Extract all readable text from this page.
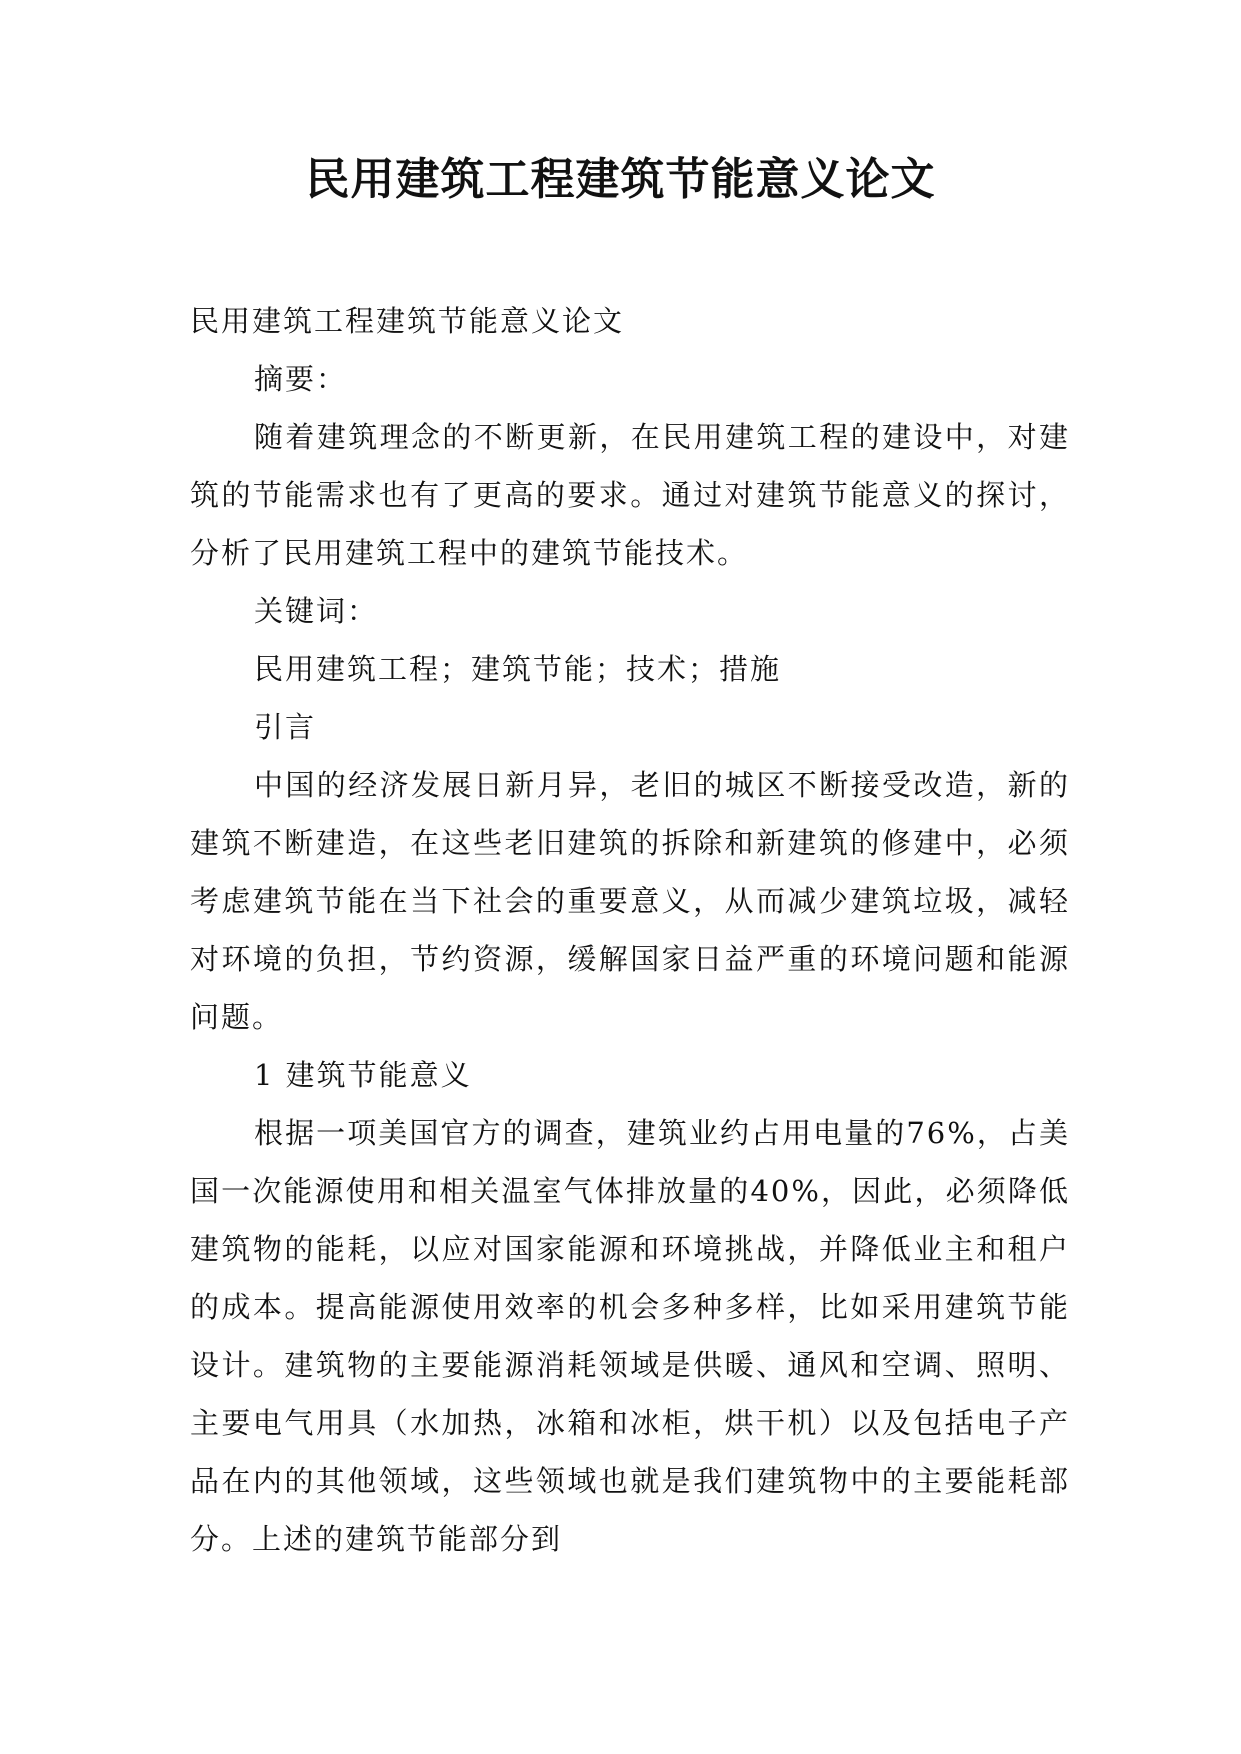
民用建筑工程建筑节能意义论文

民用建筑工程建筑节能意义论文

摘要：

随着建筑理念的不断更新，在民用建筑工程的建设中，对建筑的节能需求也有了更高的要求。通过对建筑节能意义的探讨，分析了民用建筑工程中的建筑节能技术。

关键词：

民用建筑工程；建筑节能；技术；措施

引言

中国的经济发展日新月异，老旧的城区不断接受改造，新的建筑不断建造，在这些老旧建筑的拆除和新建筑的修建中，必须考虑建筑节能在当下社会的重要意义，从而减少建筑垃圾，减轻对环境的负担，节约资源，缓解国家日益严重的环境问题和能源问题。

1 建筑节能意义

根据一项美国官方的调查，建筑业约占用电量的76%，占美国一次能源使用和相关温室气体排放量的40%，因此，必须降低建筑物的能耗，以应对国家能源和环境挑战，并降低业主和租户的成本。提高能源使用效率的机会多种多样，比如采用建筑节能设计。建筑物的主要能源消耗领域是供暖、通风和空调、照明、主要电气用具（水加热，冰箱和冰柜，烘干机）以及包括电子产品在内的其他领域，这些领域也就是我们建筑物中的主要能耗部分。上述的建筑节能部分到
